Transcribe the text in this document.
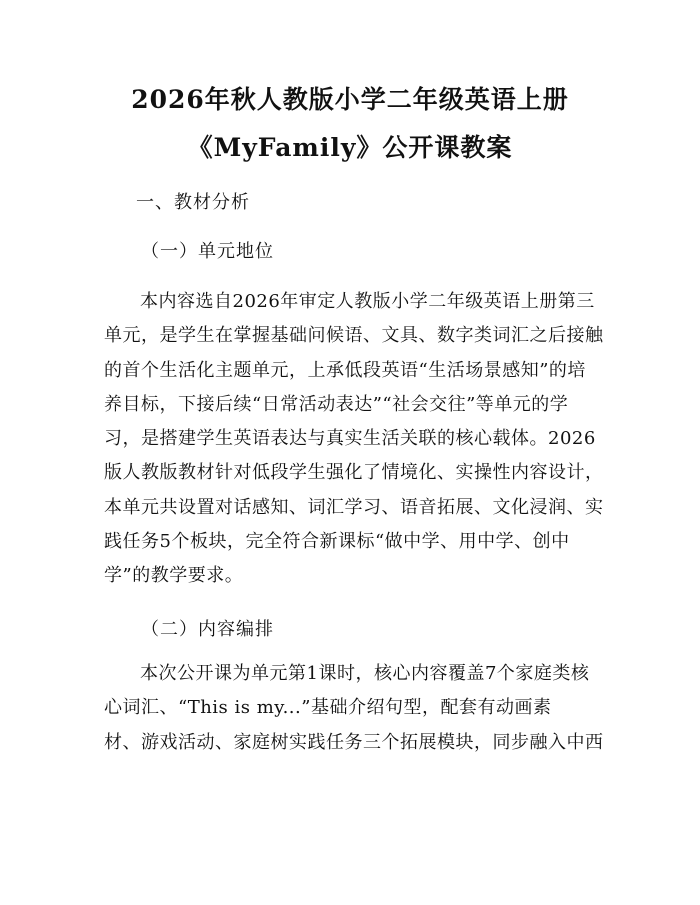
2026年秋人教版小学二年级英语上册
《MyFamily》公开课教案
一、教材分析
（一）单元地位
本内容选自2026年审定人教版小学二年级英语上册第三
单元，是学生在掌握基础问候语、文具、数字类词汇之后接触
的首个生活化主题单元，上承低段英语“生活场景感知”的培
养目标，下接后续“日常活动表达”“社会交往”等单元的学
习，是搭建学生英语表达与真实生活关联的核心载体。2026
版人教版教材针对低段学生强化了情境化、实操性内容设计，
本单元共设置对话感知、词汇学习、语音拓展、文化浸润、实
践任务5个板块，完全符合新课标“做中学、用中学、创中
学”的教学要求。
（二）内容编排
本次公开课为单元第1课时，核心内容覆盖7个家庭类核
心词汇、“This is my...”基础介绍句型，配套有动画素
材、游戏活动、家庭树实践任务三个拓展模块，同步融入中西
